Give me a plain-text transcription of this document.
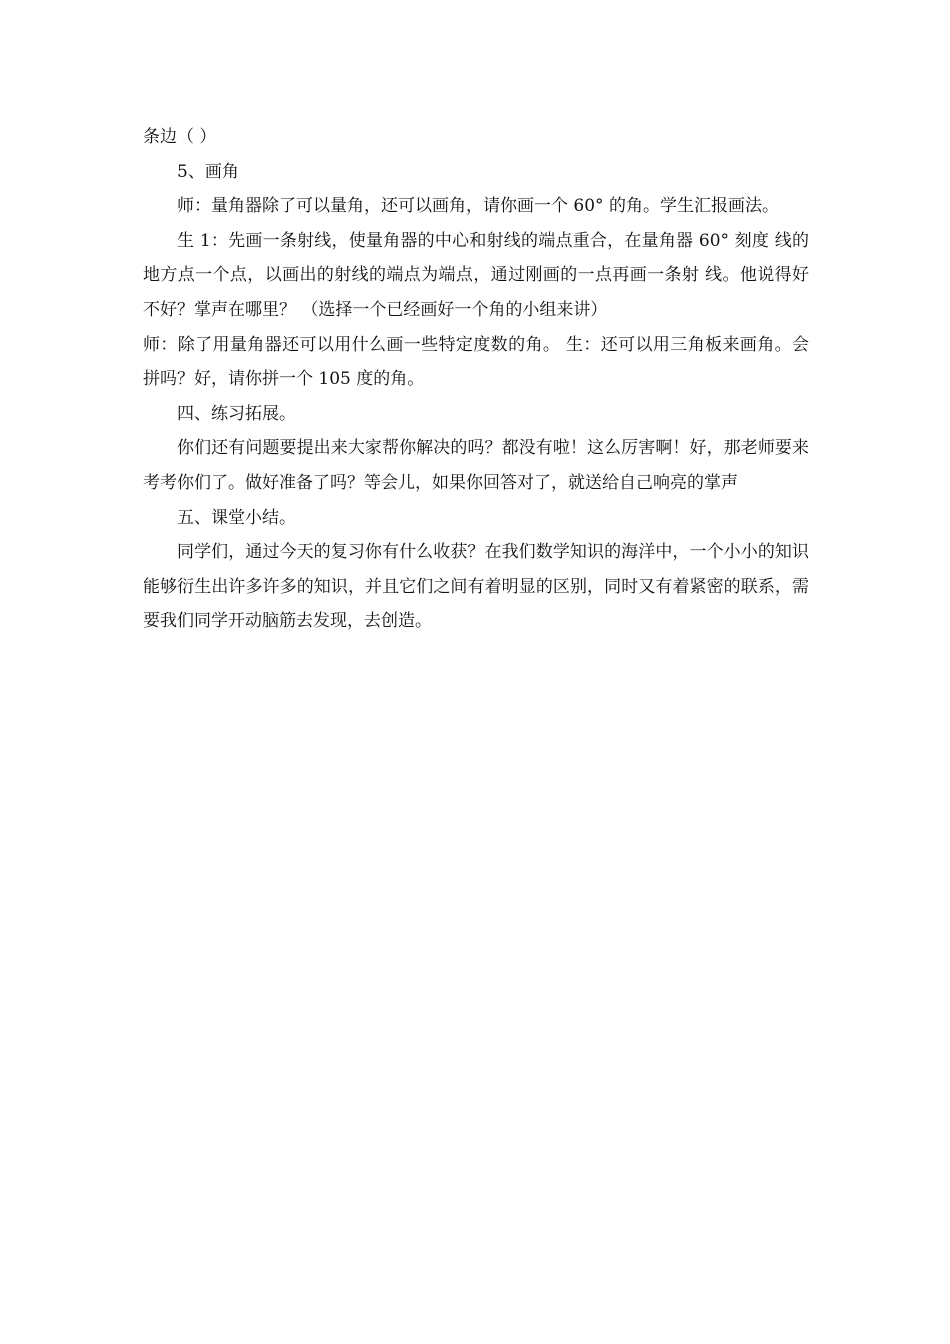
条边（ ）

5、画角

师：量角器除了可以量角，还可以画角，请你画一个 60° 的角。学生汇报画法。

生 1：先画一条射线，使量角器的中心和射线的端点重合，在量角器 60° 刻度 线的地方点一个点，以画出的射线的端点为端点，通过刚画的一点再画一条射 线。他说得好不好？掌声在哪里？ （选择一个已经画好一个角的小组来讲）

师：除了用量角器还可以用什么画一些特定度数的角。 生：还可以用三角板来画角。会拼吗？好，请你拼一个 105 度的角。

四、练习拓展。

你们还有问题要提出来大家帮你解决的吗？都没有啦！这么厉害啊！好，那老师要来考考你们了。做好准备了吗？等会儿，如果你回答对了，就送给自己响亮的掌声

五、课堂小结。

同学们，通过今天的复习你有什么收获？在我们数学知识的海洋中，一个小小的知识能够衍生出许多许多的知识，并且它们之间有着明显的区别，同时又有着紧密的联系，需要我们同学开动脑筋去发现，去创造。
